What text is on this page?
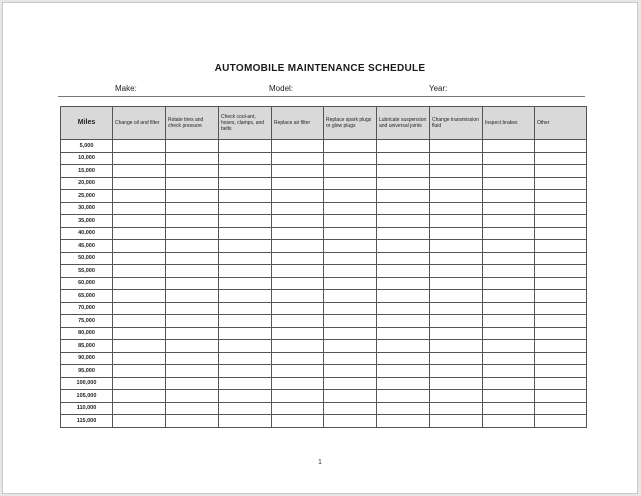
AUTOMOBILE MAINTENANCE SCHEDULE
Make:	Model:	Year:
Miles	Change oil and filter	Rotate tires and check pressure	Check cool-ant, hoses, clamps, and belts	Replace air filter	Replace spark plugs or glow plugs	Lubricate suspension and universal joints	Change transmission fluid	Inspect brakes	Other
5,000									
10,000									
15,000									
20,000									
25,000									
30,000									
35,000									
40,000									
45,000									
50,000									
55,000									
60,000									
65,000									
70,000									
75,000									
80,000									
85,000									
90,000									
95,000									
100,000									
105,000									
110,000									
115,000									
1
